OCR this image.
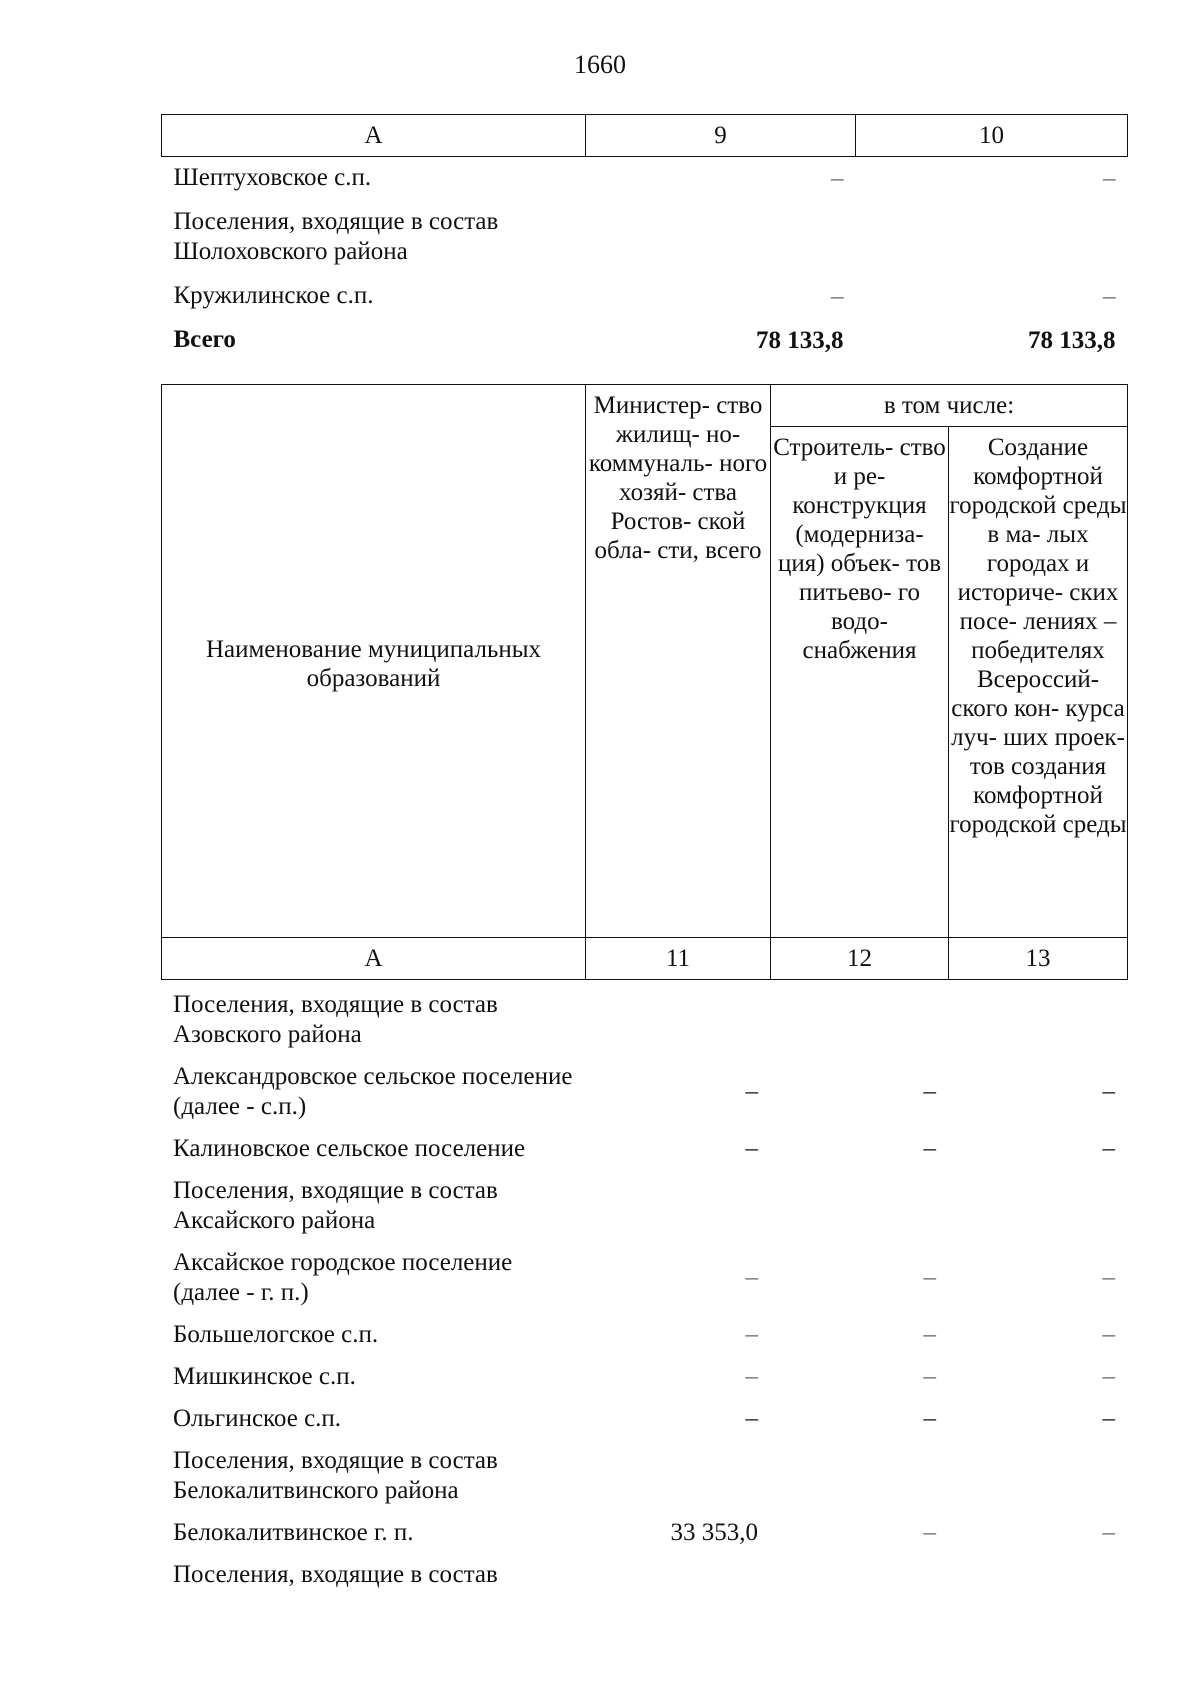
1660
А	9	10
Шептуховское с.п.	–	–
Поселения, входящие в состав Шолоховского района		
Кружилинское с.п.	–	–
Всего	78 133,8	78 133,8
Наименование муниципальных образований	Министер- ство жилищ- но- коммуналь- ного хозяй- ства Ростов- ской обла- сти, всего	в том числе:	
		Строитель- ство и ре- конструкция (модерниза- ция) объек- тов питьево- го водо- снабжения	Создание комфортной городской среды в ма- лых городах и историче- ских посе- лениях – победителях Всероссий- ского кон- курса луч- ших проек- тов создания комфортной городской среды
А	11	12	13
Поселения, входящие в состав Азовского района			
Александровское сельское поселение (далее - с.п.)	–	–	–
Калиновское сельское поселение	–	–	–
Поселения, входящие в состав Аксайского района			
Аксайское городское поселение (далее - г. п.)	–	–	–
Большелогское с.п.	–	–	–
Мишкинское с.п.	–	–	–
Ольгинское с.п.	–	–	–
Поселения, входящие в состав Белокалитвинского района			
Белокалитвинское г. п.	33 353,0	–	–
Поселения, входящие в состав			
